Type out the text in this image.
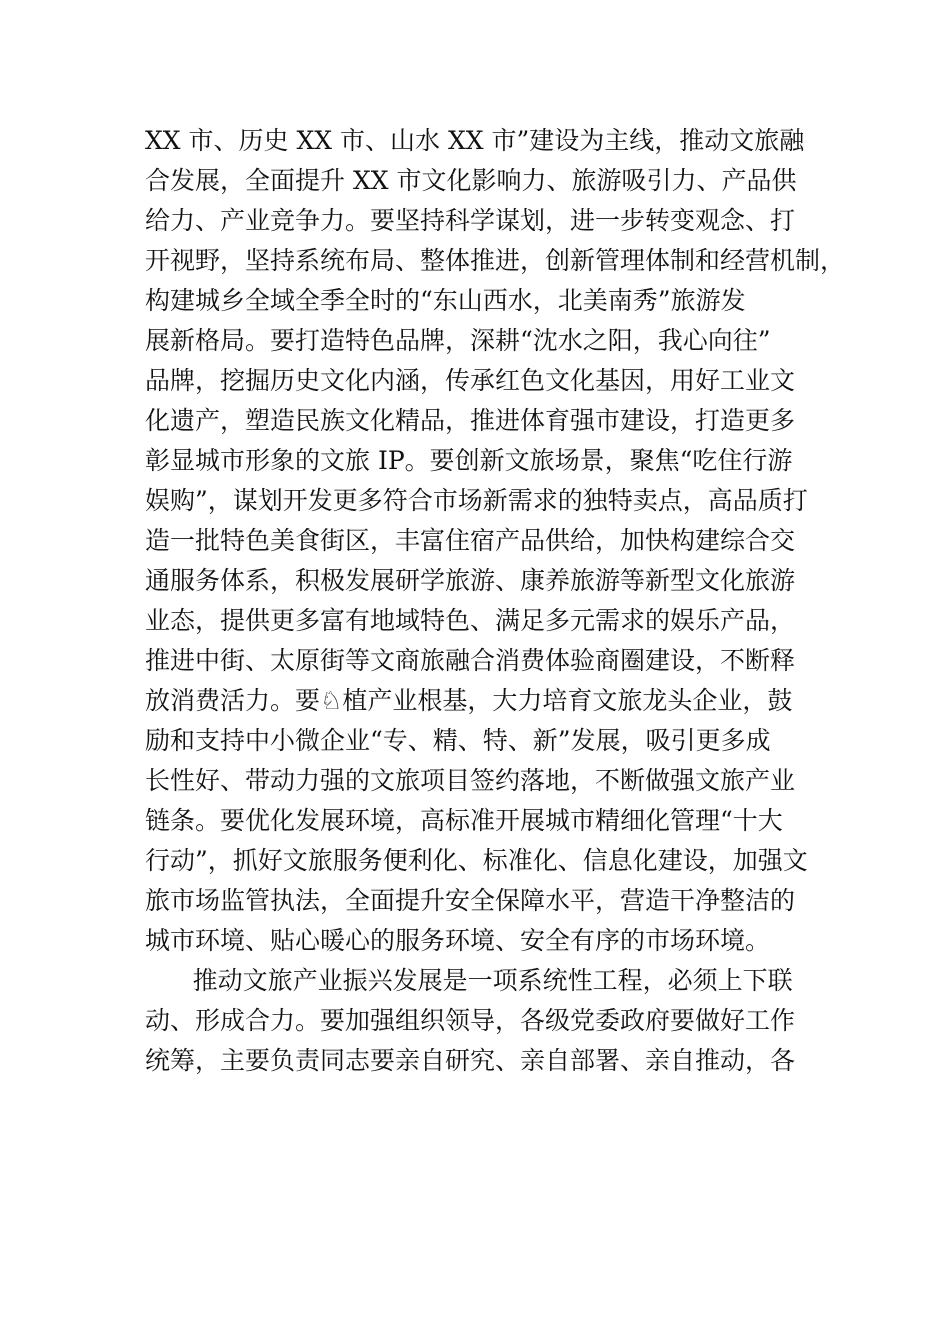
XX 市、历史 XX 市、山水 XX 市”建设为主线，推动文旅融
合发展，全面提升 XX 市文化影响力、旅游吸引力、产品供
给力、产业竞争力。要坚持科学谋划，进一步转变观念、打
开视野，坚持系统布局、整体推进，创新管理体制和经营机制，
构建城乡全域全季全时的“东山西水，北美南秀”旅游发
展新格局。要打造特色品牌，深耕“沈水之阳，我心向往”
品牌，挖掘历史文化内涵，传承红色文化基因，用好工业文
化遗产，塑造民族文化精品，推进体育强市建设，打造更多
彰显城市形象的文旅 IP。要创新文旅场景，聚焦“吃住行游
娱购”，谋划开发更多符合市场新需求的独特卖点，高品质打
造一批特色美食街区，丰富住宿产品供给，加快构建综合交
通服务体系，积极发展研学旅游、康养旅游等新型文化旅游
业态，提供更多富有地域特色、满足多元需求的娱乐产品，
推进中街、太原街等文商旅融合消费体验商圈建设，不断释
放消费活力。要♘植产业根基，大力培育文旅龙头企业，鼓
励和支持中小微企业“专、精、特、新”发展，吸引更多成
长性好、带动力强的文旅项目签约落地，不断做强文旅产业
链条。要优化发展环境，高标准开展城市精细化管理“十大
行动”，抓好文旅服务便利化、标准化、信息化建设，加强文
旅市场监管执法，全面提升安全保障水平，营造干净整洁的
城市环境、贴心暖心的服务环境、安全有序的市场环境。
推动文旅产业振兴发展是一项系统性工程，必须上下联
动、形成合力。要加强组织领导，各级党委政府要做好工作
统筹，主要负责同志要亲自研究、亲自部署、亲自推动，各
